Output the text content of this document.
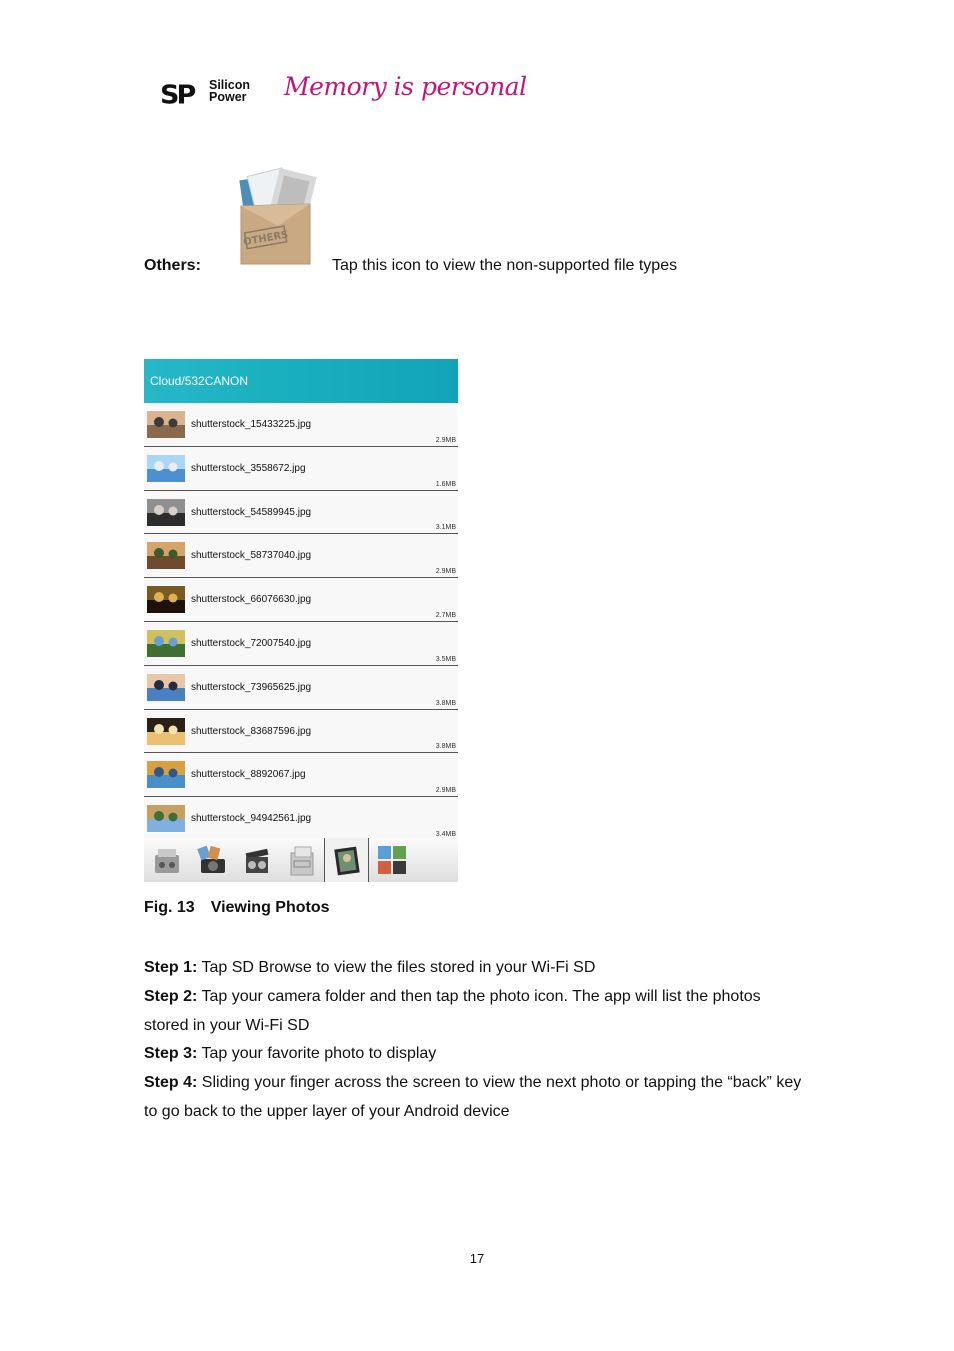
SP Silicon
Power Memory is personal
Others:
OTHERS
Tap this icon to view the non-supported file types
Cloud/532CANON
shutterstock_15433225.jpg
2.9MB
shutterstock_3558672.jpg
1.6MB
shutterstock_54589945.jpg
3.1MB
shutterstock_58737040.jpg
2.9MB
shutterstock_66076630.jpg
2.7MB
shutterstock_72007540.jpg
3.5MB
shutterstock_73965625.jpg
3.8MB
shutterstock_83687596.jpg
3.8MB
shutterstock_8892067.jpg
2.9MB
shutterstock_94942561.jpg
3.4MB
Fig. 13 Viewing Photos

Step 1: Tap SD Browse to view the files stored in your Wi-Fi SD

Step 2: Tap your camera folder and then tap the photo icon. The app will list the photos stored in your Wi-Fi SD

Step 3: Tap your favorite photo to display

Step 4: Sliding your finger across the screen to view the next photo or tapping the “back” key to go back to the upper layer of your Android device

17
